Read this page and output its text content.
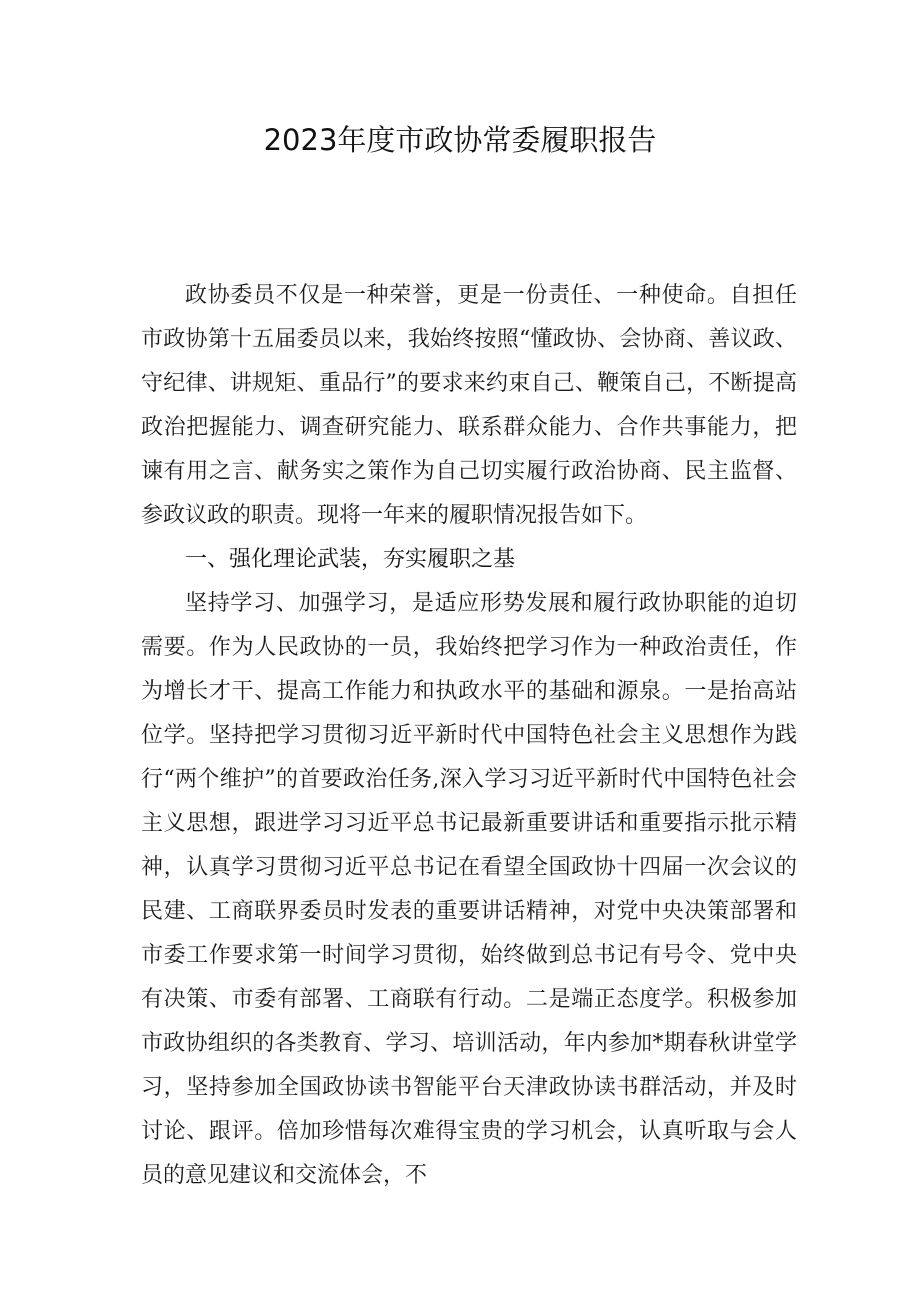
2023年度市政协常委履职报告

政协委员不仅是一种荣誉，更是一份责任、一种使命。自担任市政协第十五届委员以来，我始终按照“懂政协、会协商、善议政、守纪律、讲规矩、重品行”的要求来约束自己、鞭策自己，不断提高政治把握能力、调查研究能力、联系群众能力、合作共事能力，把谏有用之言、献务实之策作为自己切实履行政治协商、民主监督、参政议政的职责。现将一年来的履职情况报告如下。

一、强化理论武装，夯实履职之基

坚持学习、加强学习，是适应形势发展和履行政协职能的迫切需要。作为人民政协的一员，我始终把学习作为一种政治责任，作为增长才干、提高工作能力和执政水平的基础和源泉。一是抬高站位学。坚持把学习贯彻习近平新时代中国特色社会主义思想作为践行“两个维护”的首要政治任务,深入学习习近平新时代中国特色社会主义思想，跟进学习习近平总书记最新重要讲话和重要指示批示精神，认真学习贯彻习近平总书记在看望全国政协十四届一次会议的民建、工商联界委员时发表的重要讲话精神，对党中央决策部署和市委工作要求第一时间学习贯彻，始终做到总书记有号令、党中央有决策、市委有部署、工商联有行动。二是端正态度学。积极参加市政协组织的各类教育、学习、培训活动，年内参加*期春秋讲堂学习，坚持参加全国政协读书智能平台天津政协读书群活动，并及时讨论、跟评。倍加珍惜每次难得宝贵的学习机会，认真听取与会人员的意见建议和交流体会，不
